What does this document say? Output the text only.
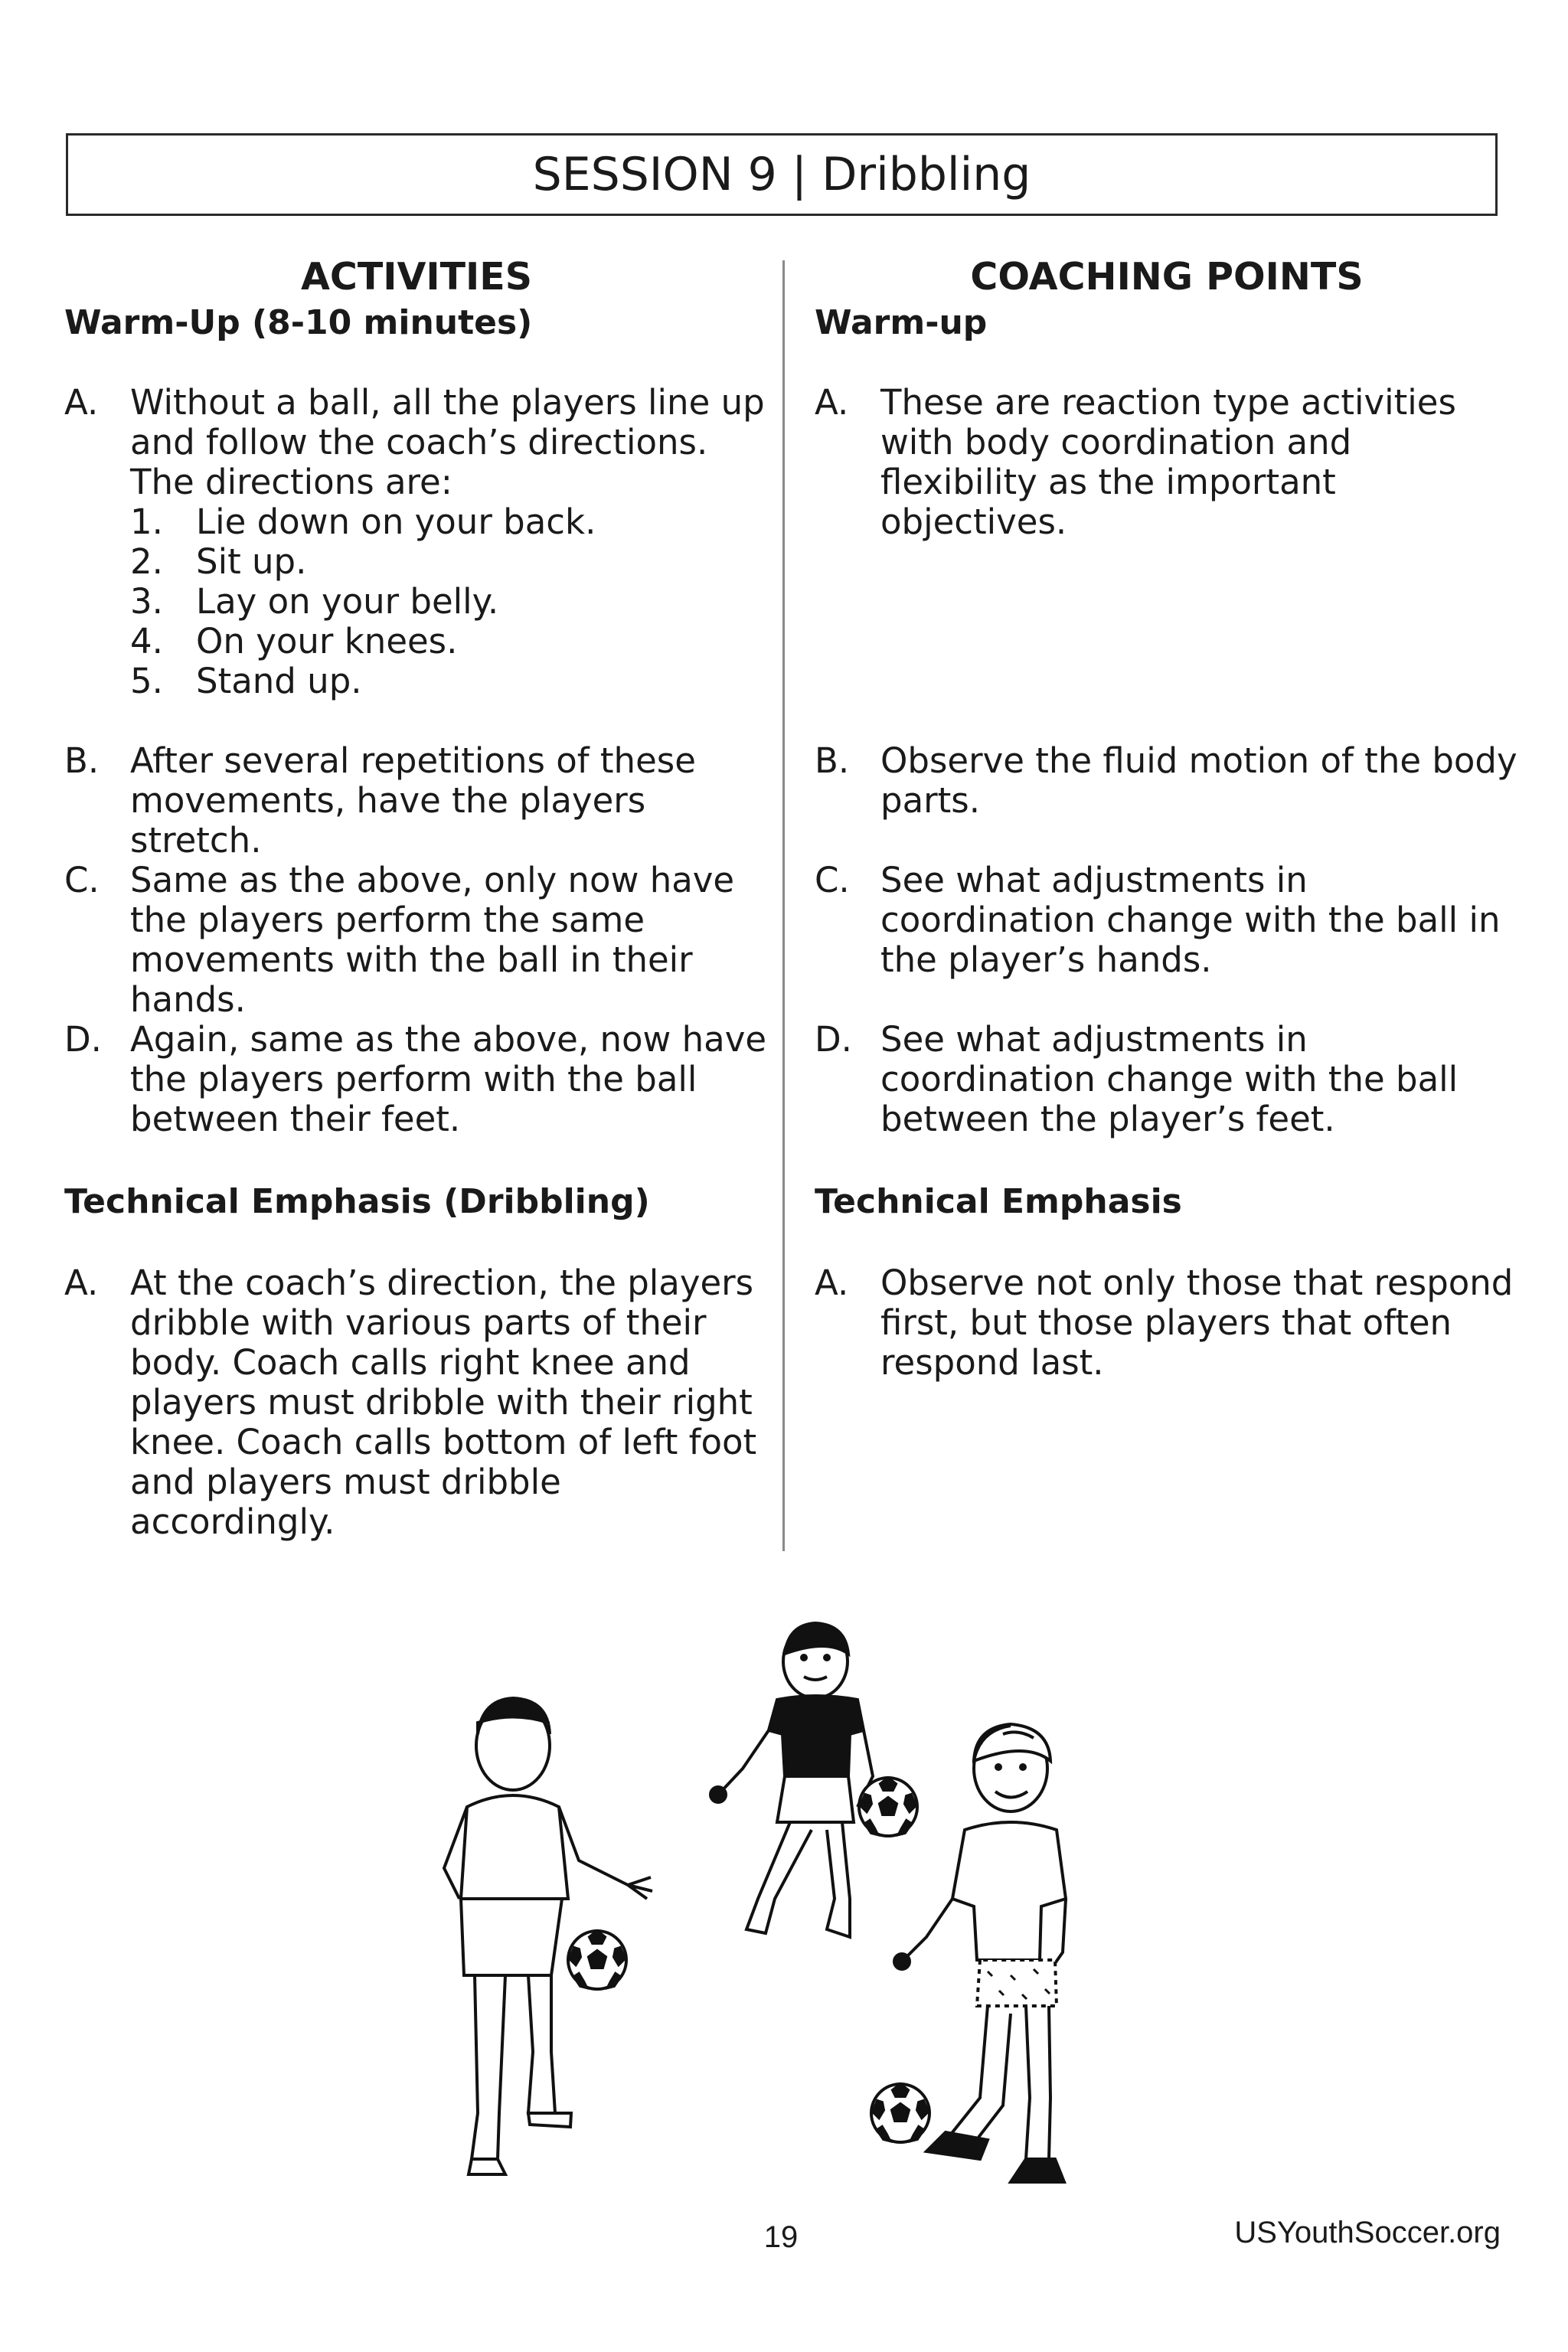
SESSION 9 | Dribbling
ACTIVITIES
Warm-Up (8-10 minutes)
A. Without a ball, all the players line up and follow the coach’s directions. The directions are:
1. Lie down on your back.
2. Sit up.
3. Lay on your belly.
4. On your knees.
5. Stand up.
B. After several repetitions of these movements, have the players stretch.
C. Same as the above, only now have the players perform the same movements with the ball in their hands.
D. Again, same as the above, now have the players perform with the ball between their feet.
Technical Emphasis (Dribbling)
A. At the coach’s direction, the players dribble with various parts of their body. Coach calls right knee and players must dribble with their right knee. Coach calls bottom of left foot and players must dribble accordingly.
COACHING POINTS
Warm-up
A. These are reaction type activities with body coordination and flexibility as the important objectives.
B. Observe the fluid motion of the body parts.
C. See what adjustments in coordination change with the ball in the player’s hands.
D. See what adjustments in coordination change with the ball between the player’s feet.
Technical Emphasis
A. Observe not only those that respond first, but those players that often respond last.
19	USYouthSoccer.org
